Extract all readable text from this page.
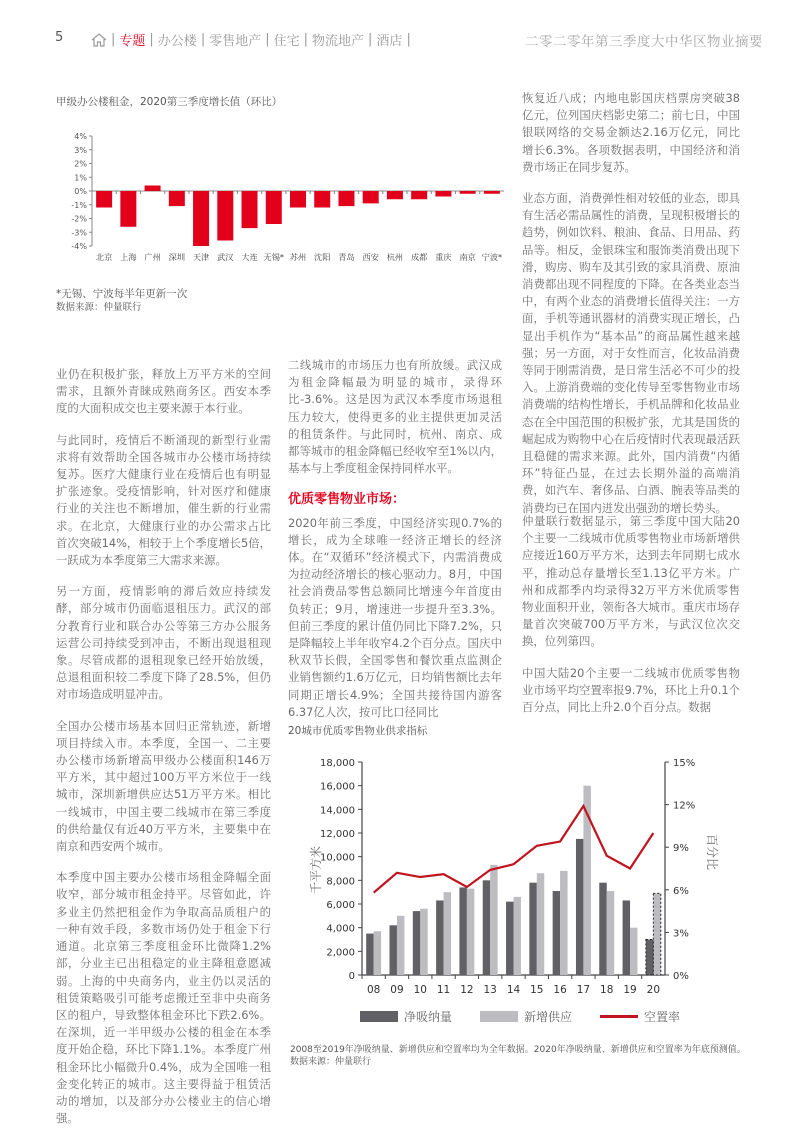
5	| 专题 | 办公楼 | 零售地产 | 住宅 | 物流地产 | 酒店 |	二零二零年第三季度大中华区物业摘要
甲级办公楼租金，2020第三季度增长值（环比）
4%
3%
2%
1%
0%
-1%
-2%
-3%
-4%
北京 上海 广州 深圳 天津 武汉 大连 无锡* 苏州 沈阳 青岛 西安 杭州 成都 重庆 南京 宁波*
*无锡、宁波每半年更新一次
数据来源：仲量联行

业仍在积极扩张，释放上万平方米的空间需求，且额外青睐成熟商务区。西安本季度的大面积成交也主要来源于本行业。

与此同时，疫情后不断涌现的新型行业需求将有效帮助全国各城市办公楼市场持续复苏。医疗大健康行业在疫情后也有明显扩张迹象。受疫情影响，针对医疗和健康行业的关注也不断增加，催生新的行业需求。在北京，大健康行业的办公需求占比首次突破14%，相较于上个季度增长5倍，一跃成为本季度第三大需求来源。

另一方面，疫情影响的滞后效应持续发酵，部分城市仍面临退租压力。武汉的部分教育行业和联合办公等第三方办公服务运营公司持续受到冲击，不断出现退租现象。尽管成都的退租现象已经开始放缓，总退租面积较二季度下降了28.5%，但仍对市场造成明显冲击。

全国办公楼市场基本回归正常轨迹，新增项目持续入市。本季度，全国一、二主要办公楼市场新增高甲级办公楼面积146万平方米，其中超过100万平方米位于一线城市，深圳新增供应达51万平方米。相比一线城市，中国主要二线城市在第三季度的供给量仅有近40万平方米，主要集中在南京和西安两个城市。

本季度中国主要办公楼市场租金降幅全面收窄，部分城市租金持平。尽管如此，许多业主仍然把租金作为争取高品质租户的一种有效手段，多数市场仍处于租金下行通道。北京第三季度租金环比微降1.2%部，分业主已出租稳定的业主降租意愿减弱。上海的中央商务内，业主仍以灵活的租赁策略吸引可能考虑搬迁至非中央商务区的租户，导致整体租金环比下跌2.6%。在深圳，近一半甲级办公楼的租金在本季度开始企稳，环比下降1.1%。本季度广州租金环比小幅微升0.4%，成为全国唯一租金变化转正的城市。这主要得益于租赁活动的增加，以及部分办公楼业主的信心增强。

二线城市的市场压力也有所放缓。武汉成为租金降幅最为明显的城市，录得环比-3.6%。这是因为武汉本季度市场退租压力较大，使得更多的业主提供更加灵活的租赁条件。与此同时，杭州、南京、成都等城市的租金降幅已经收窄至1%以内，基本与上季度租金保持同样水平。

优质零售物业市场：

2020年前三季度，中国经济实现0.7%的增长，成为全球唯一经济正增长的经济体。在“双循环”经济模式下，内需消费成为拉动经济增长的核心驱动力。8月，中国社会消费品零售总额同比增速今年首度由负转正；9月，增速进一步提升至3.3%。但前三季度的累计值仍同比下降7.2%，只是降幅较上半年收窄4.2个百分点。国庆中秋双节长假，全国零售和餐饮重点监测企业销售额约1.6万亿元，日均销售额比去年同期正增长4.9%；全国共接待国内游客6.37亿人次，按可比口径同比

恢复近八成；内地电影国庆档票房突破38亿元，位列国庆档影史第二；前七日，中国银联网络的交易金额达2.16万亿元，同比增长6.3%。各项数据表明，中国经济和消费市场正在同步复苏。

业态方面，消费弹性相对较低的业态，即具有生活必需品属性的消费，呈现积极增长的趋势，例如饮料、粮油、食品、日用品、药品等。相反，金银珠宝和服饰类消费出现下滑，购房、购车及其引致的家具消费、原油消费都出现不同程度的下降。在各类业态当中，有两个业态的消费增长值得关注：一方面，手机等通讯器材的消费实现正增长，凸显出手机作为“基本品”的商品属性越来越强；另一方面，对于女性而言，化妆品消费等同于刚需消费，是日常生活必不可少的投入。上游消费端的变化传导至零售物业市场消费端的结构性增长，手机品牌和化妆品业态在全中国范围的积极扩张，尤其是国货的崛起成为购物中心在后疫情时代表现最活跃且稳健的需求来源。此外，国内消费“内循环”特征凸显，在过去长期外溢的高端消费，如汽车、奢侈品、白酒、腕表等品类的消费均已在国内迸发出强劲的增长势头。

仲量联行数据显示，第三季度中国大陆20个主要一二线城市优质零售物业市场新增供应接近160万平方米，达到去年同期七成水平，推动总存量增长至1.13亿平方米。广州和成都季内均录得32万平方米优质零售物业面积开业，领衔各大城市。重庆市场存量首次突破700万平方米，与武汉位次交换，位列第四。

中国大陆20个主要一二线城市优质零售物业市场平均空置率报9.7%，环比上升0.1个百分点，同比上升2.0个百分点。数据

20城市优质零售物业供求指标
0
2,000
4,000
6,000
8,000
10,000
12,000
14,000
16,000
18,000
0%
3%
6%
9%
12%
15%
千平方米	百分比
08 09 10 11 12 13 14 15 16 17 18 19 20
净吸纳量	新增供应	空置率
2008至2019年净吸纳量、新增供应和空置率均为全年数据。2020年净吸纳量、新增供应和空置率为年底预测值。
数据来源：仲量联行
